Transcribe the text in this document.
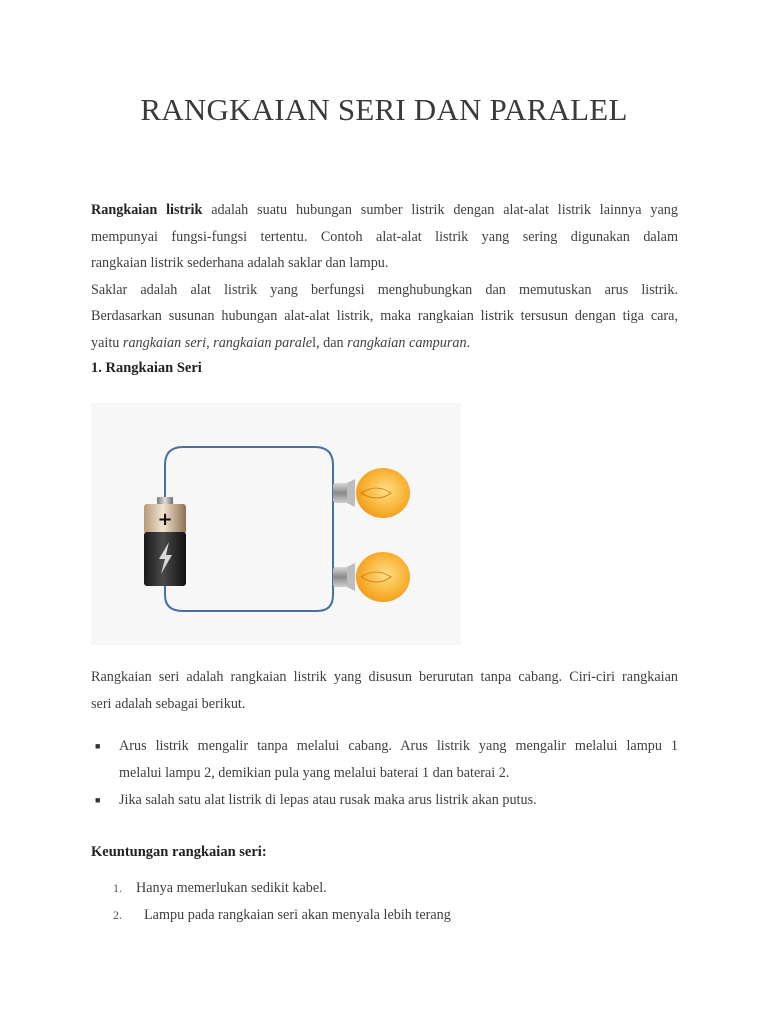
RANGKAIAN SERI DAN PARALEL
Rangkaian listrik adalah suatu hubungan sumber listrik dengan alat-alat listrik lainnya yang
mempunyai fungsi-fungsi tertentu. Contoh alat-alat listrik yang sering digunakan dalam
rangkaian listrik sederhana adalah saklar dan lampu.
Saklar adalah alat listrik yang berfungsi menghubungkan dan memutuskan arus listrik.
Berdasarkan susunan hubungan alat-alat listrik, maka rangkaian listrik tersusun dengan tiga cara,
yaitu rangkaian seri, rangkaian paralel, dan rangkaian campuran.
1. Rangkaian Seri
+
Rangkaian seri adalah rangkaian listrik yang disusun berurutan tanpa cabang. Ciri-ciri rangkaian
seri adalah sebagai berikut.
■ Arus listrik mengalir tanpa melalui cabang. Arus listrik yang mengalir melalui lampu 1
melalui lampu 2, demikian pula yang melalui baterai 1 dan baterai 2.
■ Jika salah satu alat listrik di lepas atau rusak maka arus listrik akan putus.
Keuntungan rangkaian seri:
1. Hanya memerlukan sedikit kabel.
2. Lampu pada rangkaian seri akan menyala lebih terang
